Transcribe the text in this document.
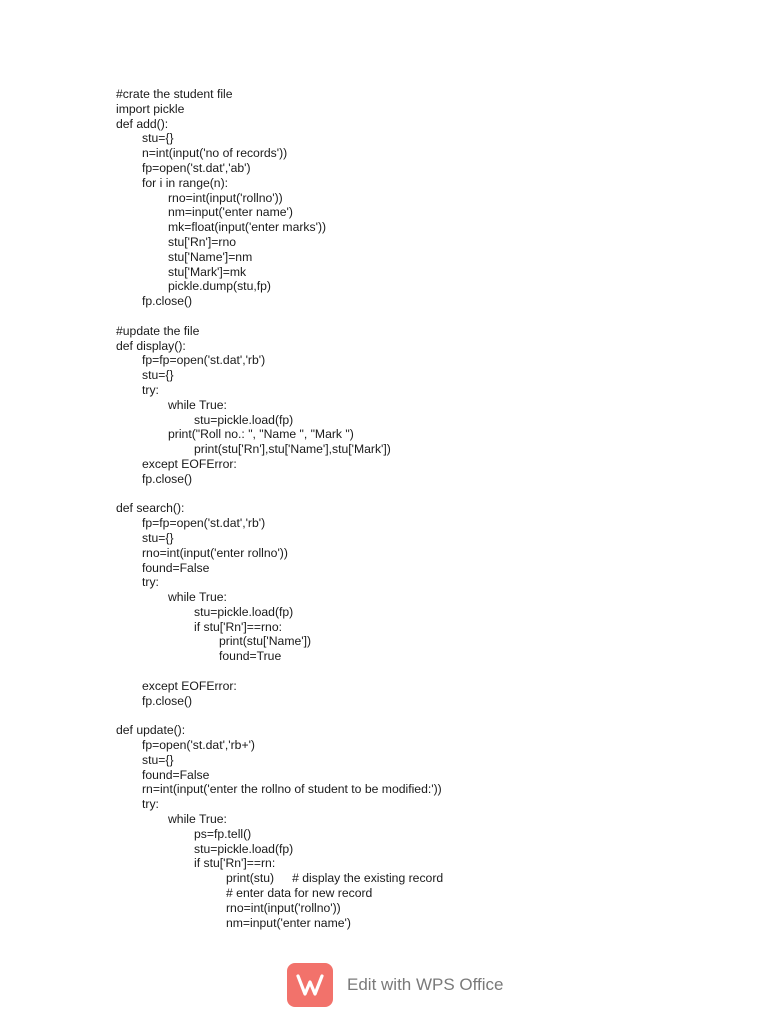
#crate the student file
import pickle
def add():
stu={}
n=int(input('no of records'))
fp=open('st.dat','ab')
for i in range(n):
rno=int(input('rollno'))
nm=input('enter name')
mk=float(input('enter marks'))
stu['Rn']=rno
stu['Name']=nm
stu['Mark']=mk
pickle.dump(stu,fp)
fp.close()
#update the file
def display():
fp=fp=open('st.dat','rb')
stu={}
try:
while True:
stu=pickle.load(fp)
print("Roll no.: ", "Name ", "Mark ")
print(stu['Rn'],stu['Name'],stu['Mark'])
except EOFError:
fp.close()
def search():
fp=fp=open('st.dat','rb')
stu={}
rno=int(input('enter rollno'))
found=False
try:
while True:
stu=pickle.load(fp)
if stu['Rn']==rno:
print(stu['Name'])
found=True
except EOFError:
fp.close()
def update():
fp=open('st.dat','rb+')
stu={}
found=False
rn=int(input('enter the rollno of student to be modified:'))
try:
while True:
ps=fp.tell()
stu=pickle.load(fp)
if stu['Rn']==rn:
print(stu) # display the existing record
# enter data for new record
rno=int(input('rollno'))
nm=input('enter name')
Edit with WPS Office
